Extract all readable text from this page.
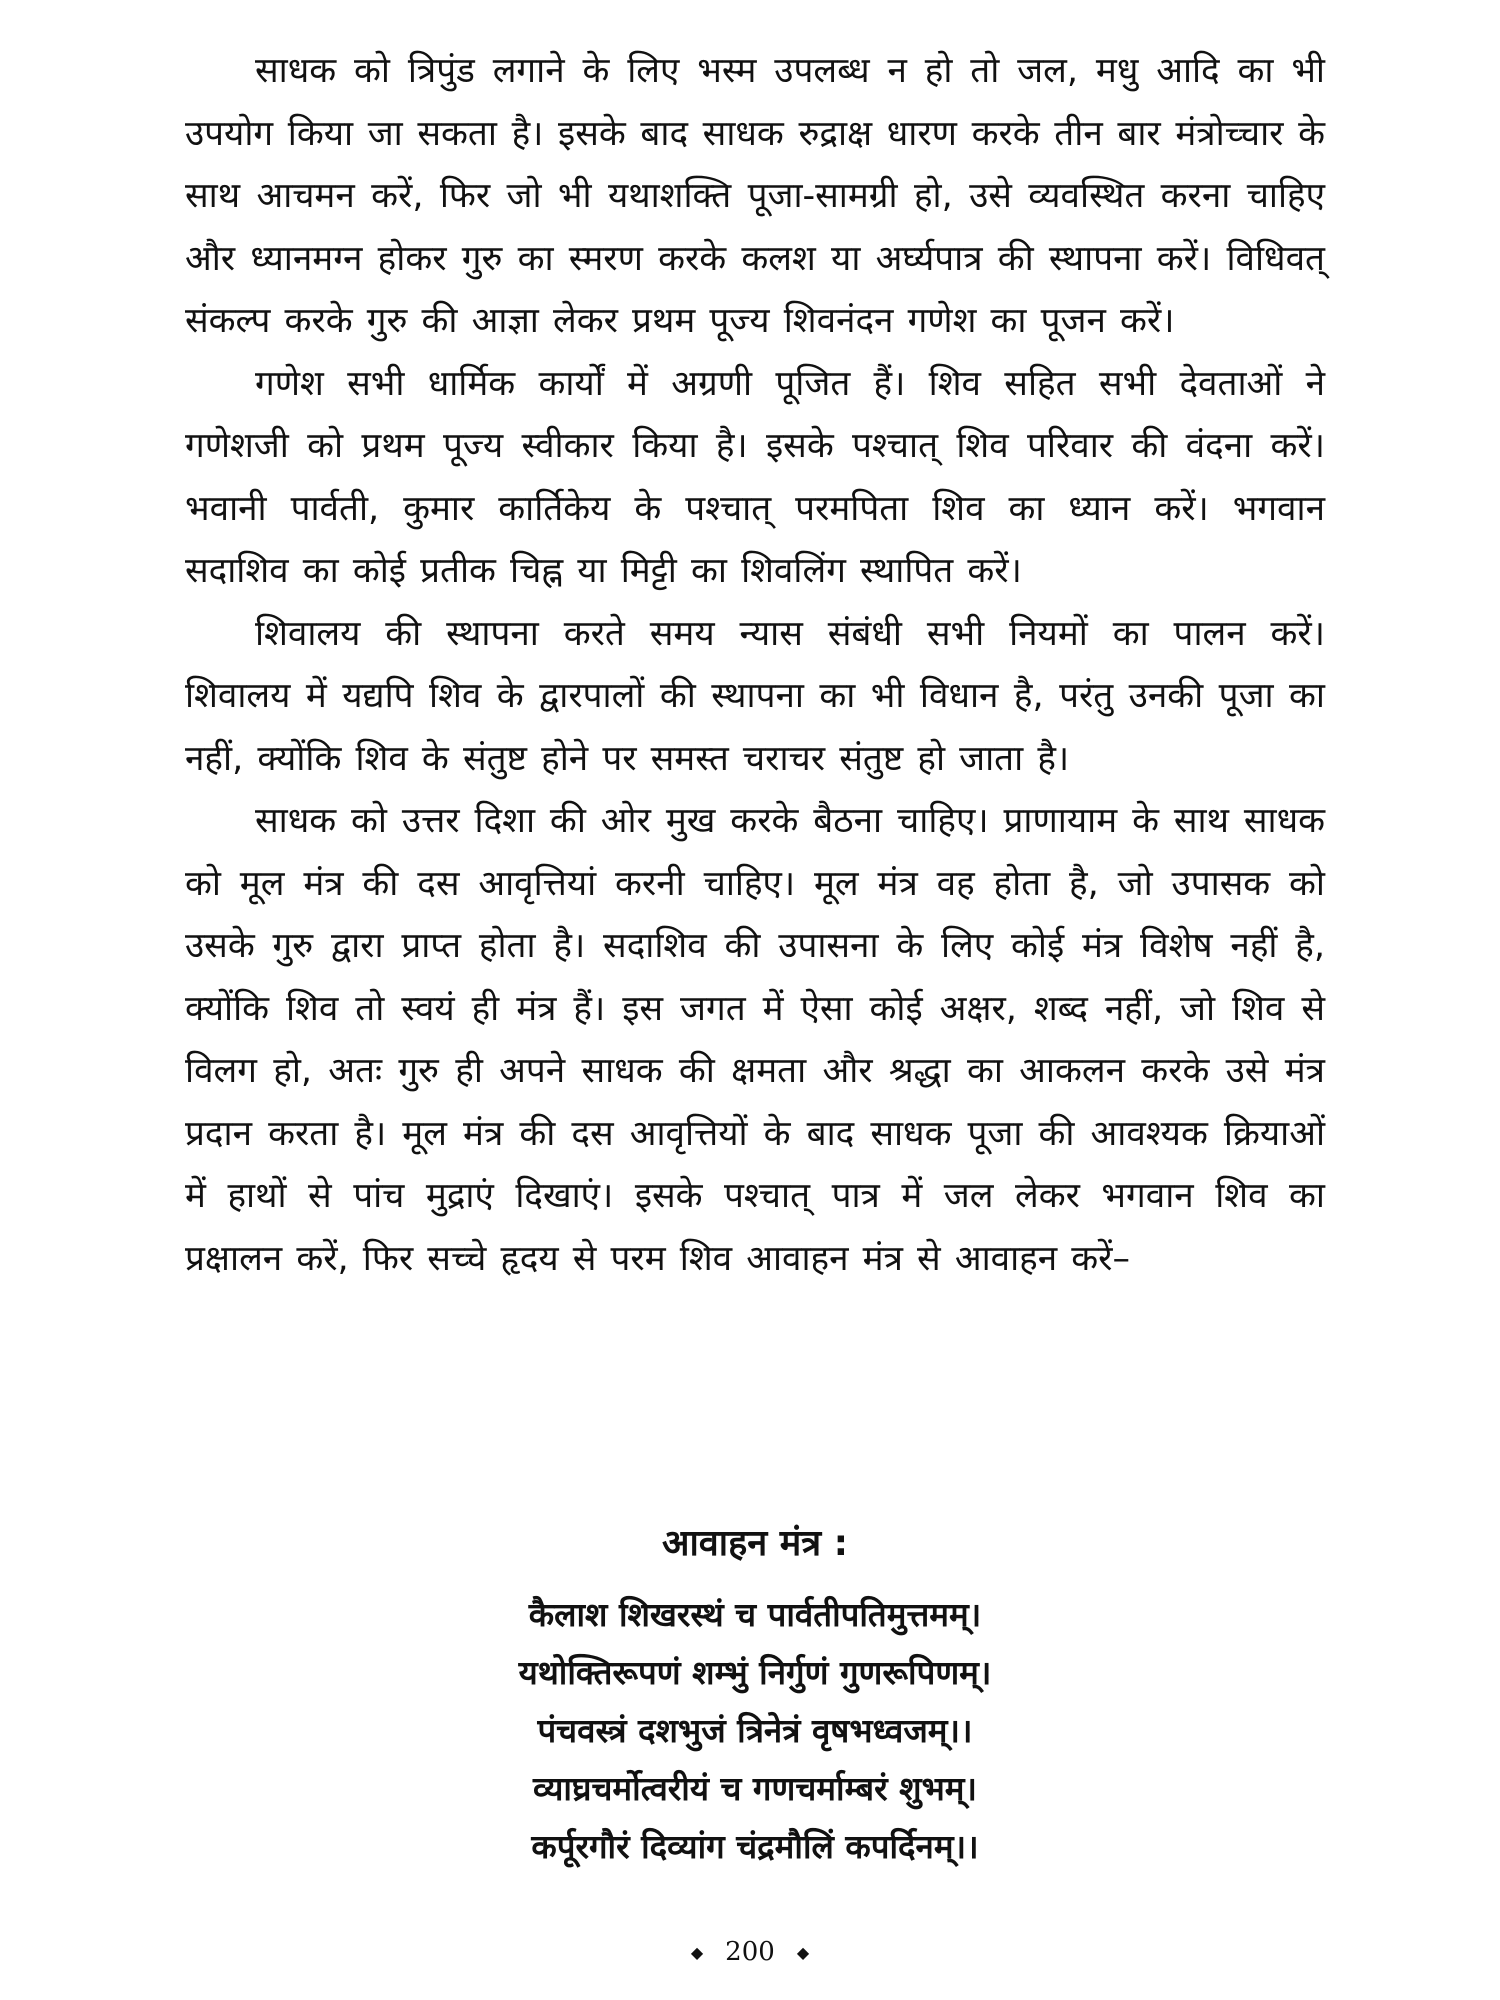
साधक को त्रिपुंड लगाने के लिए भस्म उपलब्ध न हो तो जल, मधु आदि का भी उपयोग किया जा सकता है। इसके बाद साधक रुद्राक्ष धारण करके तीन बार मंत्रोच्चार के साथ आचमन करें, फिर जो भी यथाशक्ति पूजा-सामग्री हो, उसे व्यवस्थित करना चाहिए और ध्यानमग्न होकर गुरु का स्मरण करके कलश या अर्घ्यपात्र की स्थापना करें। विधिवत् संकल्प करके गुरु की आज्ञा लेकर प्रथम पूज्य शिवनंदन गणेश का पूजन करें।

गणेश सभी धार्मिक कार्यों में अग्रणी पूजित हैं। शिव सहित सभी देवताओं ने गणेशजी को प्रथम पूज्य स्वीकार किया है। इसके पश्चात् शिव परिवार की वंदना करें। भवानी पार्वती, कुमार कार्तिकेय के पश्चात् परमपिता शिव का ध्यान करें। भगवान सदाशिव का कोई प्रतीक चिह्न या मिट्टी का शिवलिंग स्थापित करें।

शिवालय की स्थापना करते समय न्यास संबंधी सभी नियमों का पालन करें। शिवालय में यद्यपि शिव के द्वारपालों की स्थापना का भी विधान है, परंतु उनकी पूजा का नहीं, क्योंकि शिव के संतुष्ट होने पर समस्त चराचर संतुष्ट हो जाता है।

साधक को उत्तर दिशा की ओर मुख करके बैठना चाहिए। प्राणायाम के साथ साधक को मूल मंत्र की दस आवृत्तियां करनी चाहिए। मूल मंत्र वह होता है, जो उपासक को उसके गुरु द्वारा प्राप्त होता है। सदाशिव की उपासना के लिए कोई मंत्र विशेष नहीं है, क्योंकि शिव तो स्वयं ही मंत्र हैं। इस जगत में ऐसा कोई अक्षर, शब्द नहीं, जो शिव से विलग हो, अतः गुरु ही अपने साधक की क्षमता और श्रद्धा का आकलन करके उसे मंत्र प्रदान करता है। मूल मंत्र की दस आवृत्तियों के बाद साधक पूजा की आवश्यक क्रियाओं में हाथों से पांच मुद्राएं दिखाएं। इसके पश्चात् पात्र में जल लेकर भगवान शिव का प्रक्षालन करें, फिर सच्चे हृदय से परम शिव आवाहन मंत्र से आवाहन करें–

आवाहन मंत्र :

कैलाश शिखरस्थं च पार्वतीपतिमुत्तमम्।

यथोक्तिरूपणं शम्भुं निर्गुणं गुणरूपिणम्।

पंचवस्त्रं दशभुजं त्रिनेत्रं वृषभध्वजम्।।

व्याघ्रचर्मोत्वरीयं च गणचर्माम्बरं शुभम्।

कर्पूरगौरं दिव्यांग चंद्रमौलिं कपर्दिनम्।।

◆ 200 ◆
